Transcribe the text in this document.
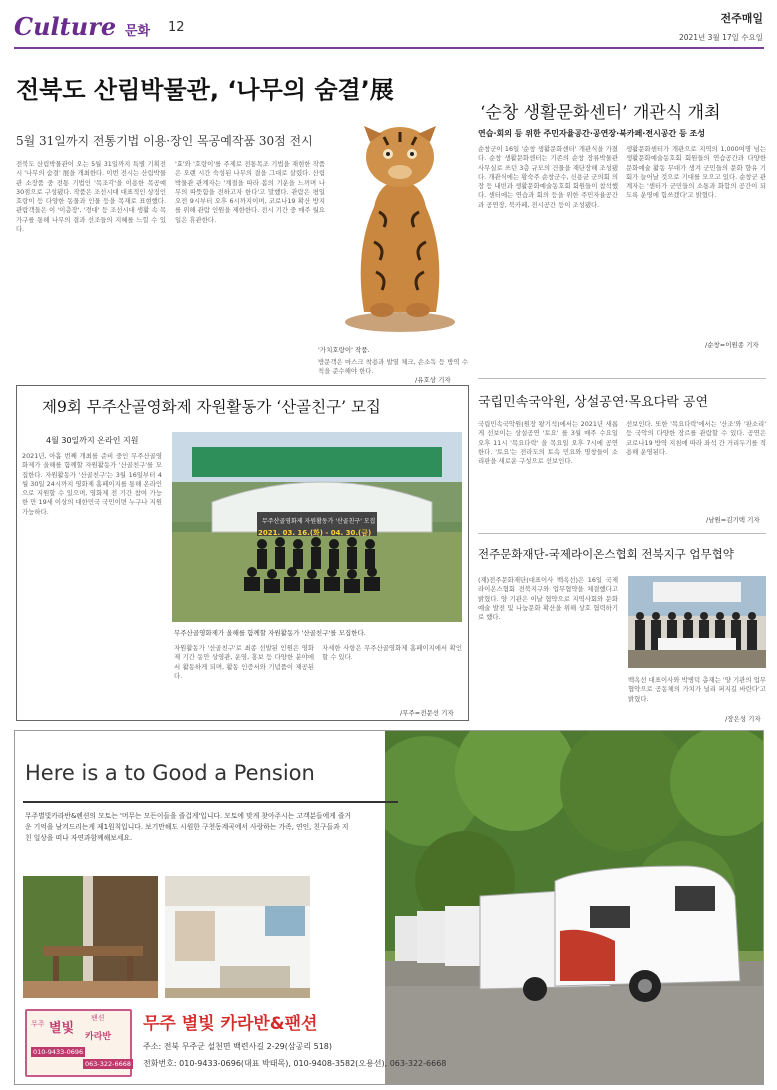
Culture 문화 12
전주매일
2021년 3월 17일 수요일
전북도 산림박물관, ‘나무의 숨결’展
5월 31일까지 전통기법 이용·장인 목공예작품 30점 전시
전북도 산림박물관이 오는 5월 31일까지 특별 기획전시 '나무의 숨결' 展을 개최한다. 이번 전시는 산림박물관 소장품 중 전통 기법인 '목조각'을 이용한 목공예 30점으로 구성됐다. 작품은 조선시대 대표적인 상징인 호랑이 등 다양한 동물과 인물 등을 목재로 표현했다. 관람객들은 이 '이층장', '경대' 등 조선시대 생활 속 목가구를 통해 나무의 결과 선조들의 지혜를 느낄 수 있다.
'효'와 '호랑이'를 주제로 전통목조 기법을 재현한 작품은 오랜 시간 숙성된 나무의 결을 그대로 살렸다. 산림박물관 관계자는 '계절을 따라 봄의 기운을 느끼며 나무의 따뜻함을 전하고자 한다'고 말했다. 관람은 평일 오전 9시부터 오후 6시까지이며, 코로나19 확산 방지를 위해 관람 인원을 제한한다. 전시 기간 중 매주 월요일은 휴관한다.
'가치호랑이' 작품.
방문객은 마스크 착용과 발열 체크, 손소독 등 방역 수칙을 준수해야 한다.
/유호상 기자
‘순창 생활문화센터’ 개관식 개최
연습·회의 등 위한 주민자율공간·공연장·북카페·전시공간 등 조성
순창군이 16일 '순창 생활문화센터' 개관식을 가졌다. 순창 생활문화센터는 기존의 순창 장류박물관 사무실로 쓰던 3층 규모의 건물을 재단장해 조성됐다. 개관식에는 황숙주 순창군수, 신용균 군의회 의장 등 내빈과 생활문화예술동호회 회원들이 참석했다. 센터에는 연습과 회의 등을 위한 주민자율공간과 공연장, 북카페, 전시공간 등이 조성됐다.
생활문화센터가 개관으로 지역의 1,000여명 넘는 생활문화예술동호회 회원들의 연습공간과 다양한 문화예술 활동 무대가 생겨 군민들의 문화 향유 기회가 늘어날 것으로 기대를 모으고 있다. 순창군 관계자는 '센터가 군민들의 소통과 화합의 공간이 되도록 운영에 힘쓰겠다'고 밝혔다.
/순창=이원종 기자
국립민속국악원, 상설공연·목요다락 공연
국립민속국악원(원장 왕기석)에서는 2021년 새롭게 선보이는 상설공연 '토요' 를 3월 매주 수요일 오후 11시 '목요다락' 을 목요일 오후 7시에 공연한다. '토요'는 전라도의 토속 민요와 명창들이 소리판을 새로운 구성으로 선보인다.
선보인다. 또한 '목요다락'에서는 '산조'와 '판소리' 등 국악의 다양한 장르를 관람할 수 있다. 공연은 코로나19 방역 지침에 따라 좌석 간 거리두기를 적용해 운영된다.
/남원=김기택 기자
제9회 무주산골영화제 자원활동가 ‘산골친구’ 모집
4월 30일까지 온라인 지원
2021년, 아홉 번째 개최를 준비 중인 무주산골영화제가 올해를 함께할 자원활동가 '산골친구'를 모집한다. 자원활동가 '산골친구'는 3월 16일부터 4월 30일 24시까지 영화제 홈페이지를 통해 온라인으로 지원할 수 있으며, 영화제 전 기간 참여 가능한 만 19세 이상의 대한민국 국민이면 누구나 지원 가능하다.
무주산골영화제 자원활동가 '산골친구' 모집
2021. 03. 16.(화) - 04. 30.(금)
무주산골영화제가 올해를 함께할 자원활동가 '산골친구'를 모집한다.
자원활동가 '산골친구'로 최종 선발된 인원은 영화제 기간 동안 상영관, 운영, 홍보 등 다양한 분야에서 활동하게 되며, 활동 인증서와 기념품이 제공된다.
자세한 사항은 무주산골영화제 홈페이지에서 확인할 수 있다.
/무주=전문선 기자
전주문화재단-국제라이온스협회 전북지구 업무협약
(재)전주문화재단(대표이사 백옥선)은 16일 국제라이온스협회 전북지구와 업무협약을 체결했다고 밝혔다. 양 기관은 이날 협약으로 지역사회와 문화예술 발전 및 나눔문화 확산을 위해 상호 협력하기로 했다.
백옥선 대표이사와 박병덕 총재는 '양 기관의 업무협약으로 공동체의 가치가 널리 퍼지길 바란다'고 밝혔다.
/장은성 기자
Here is a to Good a Pension
무주별빛카라반&펜션의 모토는 '머무는 모든이들을 즐겁게'입니다. 모토에 맞게 찾아주시는 고객분들에게 즐거운 기억을 남겨드리는게 제1원칙입니다. 보기만해도 시원한 구천동계곡에서 사랑하는 가족, 연인, 친구들과 지친 일상을 떠나 자연과함께해보세요.
무주 별빛
팬션
카라반
010-9433-0696
063-322-6668
무주 별빛 카라반&팬션
주소: 전북 무주군 설천면 백련사길 2-29(삼공리 518)
전화번호: 010-9433-0696(대표 박태목), 010-9408-3582(오용선), 063-322-6668
